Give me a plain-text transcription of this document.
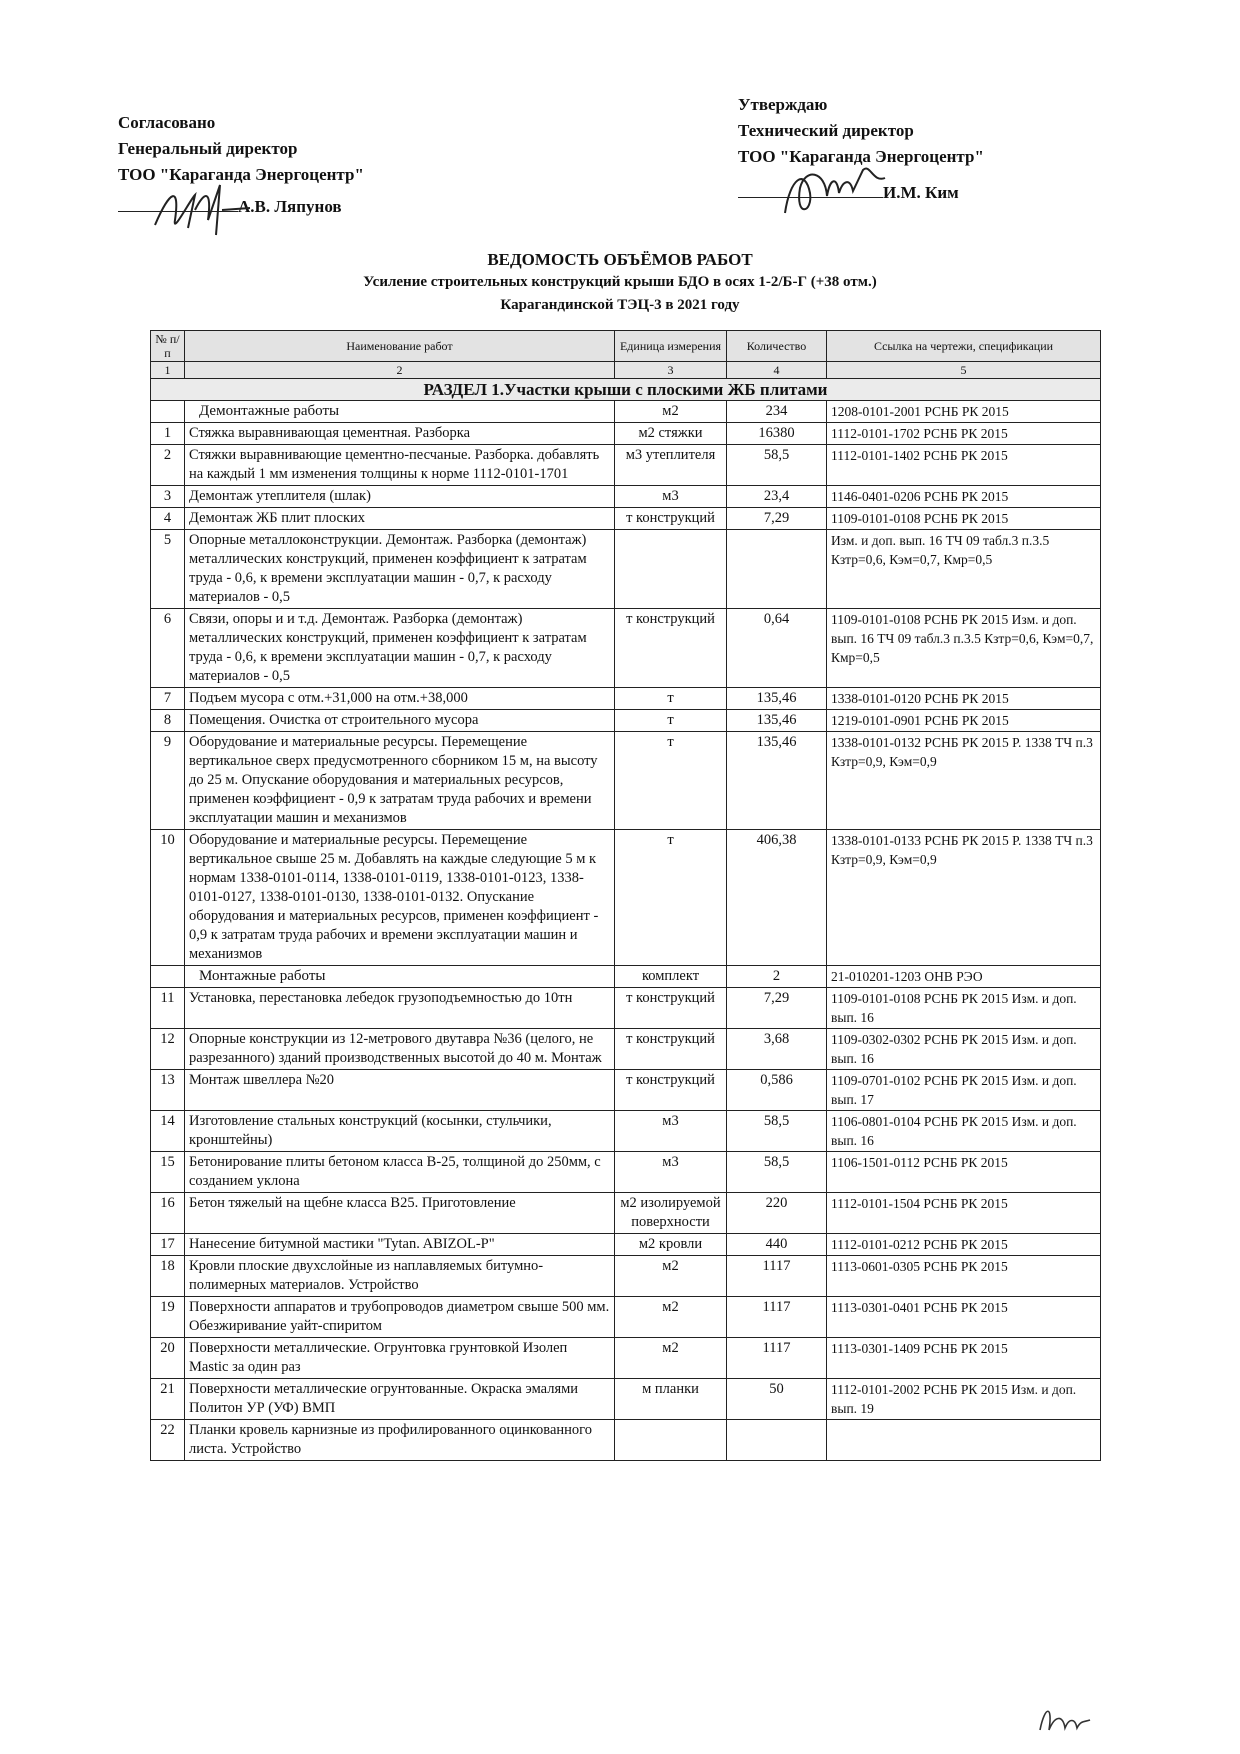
Согласовано
Генеральный директор
ТОО "Караганда Энергоцентр"
А.В. Ляпунов
Утверждаю
Технический директор
ТОО "Караганда Энергоцентр"
И.М. Ким
ВЕДОМОСТЬ ОБЪЁМОВ РАБОТ
Усиление строительных конструкций крыши БДО в осях 1-2/Б-Г (+38 отм.)
Карагандинской ТЭЦ-3 в 2021 году
№ п/п	Наименование работ	Единица измерения	Количество	Ссылка на чертежи, спецификации
1	2	3	4	5
РАЗДЕЛ 1.Участки крыши с плоскими ЖБ плитами				
	Демонтажные работы	м2	234	1208-0101-2001 РСНБ РК 2015
1	Стяжка выравнивающая цементная. Разборка	м2 стяжки	16380	1112-0101-1702 РСНБ РК 2015
2	Стяжки выравнивающие цементно-песчаные. Разборка. добавлять на каждый 1 мм изменения толщины к норме 1112-0101-1701	м3 утеплителя	58,5	1112-0101-1402 РСНБ РК 2015
3	Демонтаж утеплителя (шлак)	м3	23,4	1146-0401-0206 РСНБ РК 2015
4	Демонтаж ЖБ плит плоских	т конструкций	7,29	1109-0101-0108 РСНБ РК 2015
5	Опорные металлоконструкции. Демонтаж. Разборка (демонтаж) металлических конструкций, применен коэффициент к затратам труда - 0,6, к времени эксплуатации машин - 0,7, к расходу материалов - 0,5			Изм. и доп. вып. 16 ТЧ 09 табл.3 п.3.5 Кзтр=0,6, Кэм=0,7, Кмр=0,5
6	Связи, опоры и и т.д. Демонтаж. Разборка (демонтаж) металлических конструкций, применен коэффициент к затратам труда - 0,6, к времени эксплуатации машин - 0,7, к расходу материалов - 0,5	т конструкций	0,64	1109-0101-0108 РСНБ РК 2015 Изм. и доп. вып. 16 ТЧ 09 табл.3 п.3.5 Кзтр=0,6, Кэм=0,7, Кмр=0,5
7	Подъем мусора с отм.+31,000 на отм.+38,000	т	135,46	1338-0101-0120 РСНБ РК 2015
8	Помещения. Очистка от строительного мусора	т	135,46	1219-0101-0901 РСНБ РК 2015
9	Оборудование и материальные ресурсы. Перемещение вертикальное сверх предусмотренного сборником 15 м, на высоту до 25 м. Опускание оборудования и материальных ресурсов, применен коэффициент - 0,9 к затратам труда рабочих и времени эксплуатации машин и механизмов	т	135,46	1338-0101-0132 РСНБ РК 2015 Р. 1338 ТЧ п.3 Кзтр=0,9, Кэм=0,9
10	Оборудование и материальные ресурсы. Перемещение вертикальное свыше 25 м. Добавлять на каждые следующие 5 м к нормам 1338-0101-0114, 1338-0101-0119, 1338-0101-0123, 1338-0101-0127, 1338-0101-0130, 1338-0101-0132. Опускание оборудования и материальных ресурсов, применен коэффициент - 0,9 к затратам труда рабочих и времени эксплуатации машин и механизмов	т	406,38	1338-0101-0133 РСНБ РК 2015 Р. 1338 ТЧ п.3 Кзтр=0,9, Кэм=0,9
	Монтажные работы	комплект	2	21-010201-1203 ОНВ РЭО
11	Установка, перестановка лебедок грузоподъемностью до 10тн	т конструкций	7,29	1109-0101-0108 РСНБ РК 2015 Изм. и доп. вып. 16
12	Опорные конструкции из 12-метрового двутавра №36 (целого, не разрезанного) зданий производственных высотой до 40 м. Монтаж	т конструкций	3,68	1109-0302-0302 РСНБ РК 2015 Изм. и доп. вып. 16
13	Монтаж швеллера №20	т конструкций	0,586	1109-0701-0102 РСНБ РК 2015 Изм. и доп. вып. 17
14	Изготовление стальных конструкций (косынки, стульчики, кронштейны)	м3	58,5	1106-0801-0104 РСНБ РК 2015 Изм. и доп. вып. 16
15	Бетонирование плиты бетоном класса В-25, толщиной до 250мм, с созданием уклона	м3	58,5	1106-1501-0112 РСНБ РК 2015
16	Бетон тяжелый на щебне класса В25. Приготовление	м2 изолируемой поверхности	220	1112-0101-1504 РСНБ РК 2015
17	Нанесение битумной мастики "Tytan. ABIZOL-P"	м2 кровли	440	1112-0101-0212 РСНБ РК 2015
18	Кровли плоские двухслойные из наплавляемых битумно-полимерных материалов. Устройство	м2	1117	1113-0601-0305 РСНБ РК 2015
19	Поверхности аппаратов и трубопроводов диаметром свыше 500 мм. Обезжиривание уайт-спиритом	м2	1117	1113-0301-0401 РСНБ РК 2015
20	Поверхности металлические. Огрунтовка грунтовкой Изолеп Mastic за один раз	м2	1117	1113-0301-1409 РСНБ РК 2015
21	Поверхности металлические огрунтованные. Окраска эмалями Политон УР (УФ) ВМП	м планки	50	1112-0101-2002 РСНБ РК 2015 Изм. и доп. вып. 19
22	Планки кровель карнизные из профилированного оцинкованного листа. Устройство			
